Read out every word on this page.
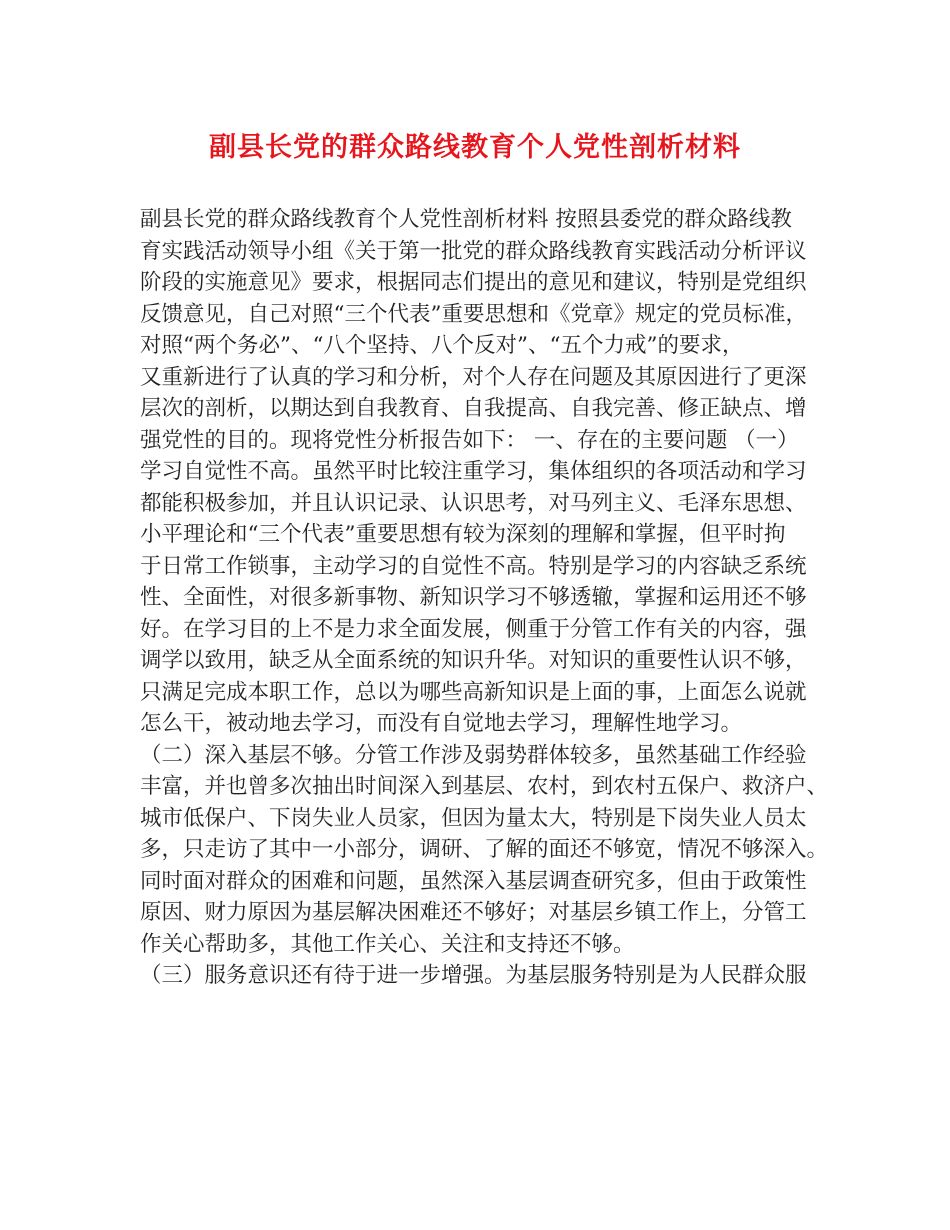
副县长党的群众路线教育个人党性剖析材料
副县长党的群众路线教育个人党性剖析材料 按照县委党的群众路线教
育实践活动领导小组《关于第一批党的群众路线教育实践活动分析评议
阶段的实施意见》要求，根据同志们提出的意见和建议，特别是党组织
反馈意见，自己对照“三个代表”重要思想和《党章》规定的党员标准，
对照“两个务必”、“八个坚持、八个反对”、“五个力戒”的要求，
又重新进行了认真的学习和分析，对个人存在问题及其原因进行了更深
层次的剖析，以期达到自我教育、自我提高、自我完善、修正缺点、增
强党性的目的。现将党性分析报告如下： 一、存在的主要问题 （一）
学习自觉性不高。虽然平时比较注重学习，集体组织的各项活动和学习
都能积极参加，并且认识记录、认识思考，对马列主义、毛泽东思想、
小平理论和“三个代表”重要思想有较为深刻的理解和掌握，但平时拘
于日常工作锁事，主动学习的自觉性不高。特别是学习的内容缺乏系统
性、全面性，对很多新事物、新知识学习不够透辙，掌握和运用还不够
好。在学习目的上不是力求全面发展，侧重于分管工作有关的内容，强
调学以致用，缺乏从全面系统的知识升华。对知识的重要性认识不够，
只满足完成本职工作，总以为哪些高新知识是上面的事，上面怎么说就
怎么干，被动地去学习，而没有自觉地去学习，理解性地学习。
（二）深入基层不够。分管工作涉及弱势群体较多，虽然基础工作经验
丰富，并也曾多次抽出时间深入到基层、农村，到农村五保户、救济户、
城市低保户、下岗失业人员家，但因为量太大，特别是下岗失业人员太
多，只走访了其中一小部分，调研、了解的面还不够宽，情况不够深入。
同时面对群众的困难和问题，虽然深入基层调查研究多，但由于政策性
原因、财力原因为基层解决困难还不够好；对基层乡镇工作上，分管工
作关心帮助多，其他工作关心、关注和支持还不够。
（三）服务意识还有待于进一步增强。为基层服务特别是为人民群众服
